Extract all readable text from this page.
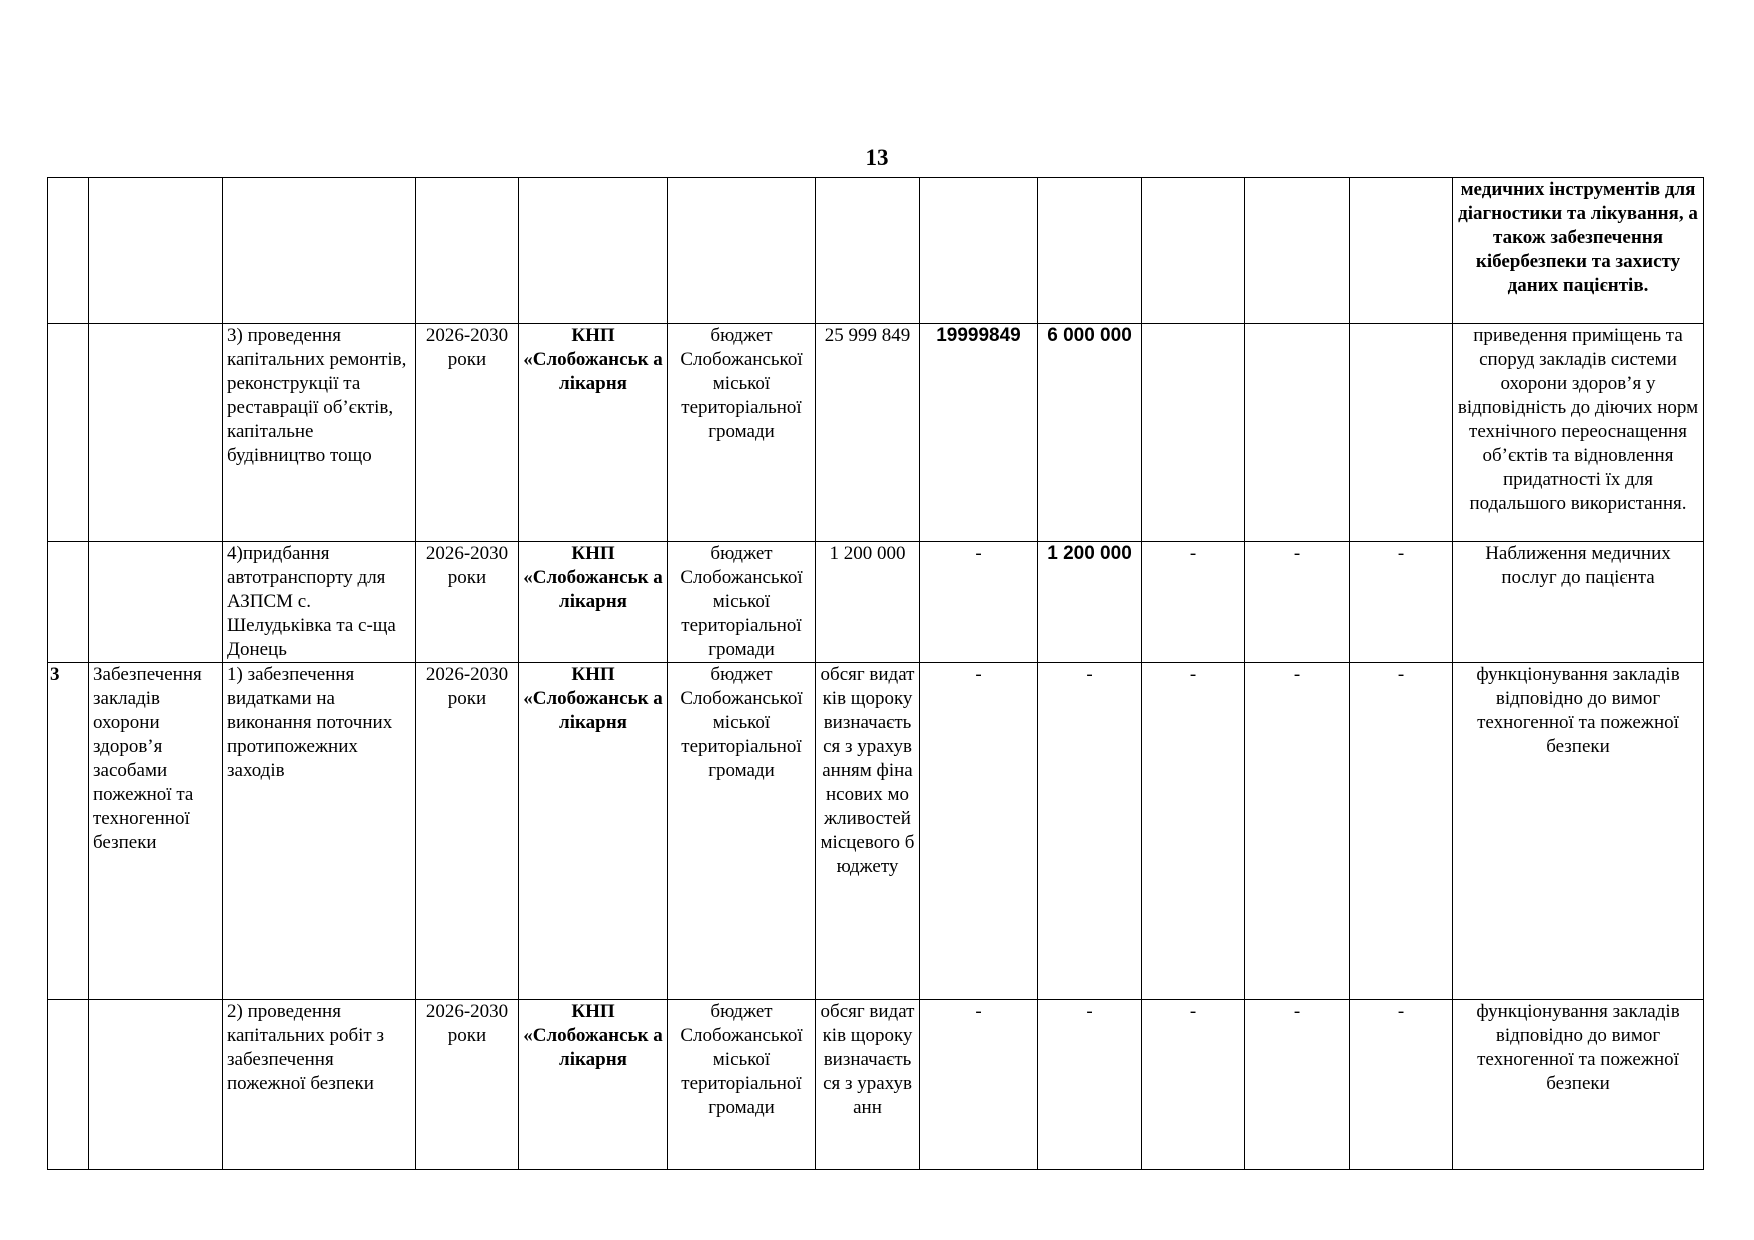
13
												медичних інструментів для діагностики та лікування, а також забезпечення кібербезпеки та захисту даних пацієнтів.
		3) проведення капітальних ремонтів, реконструкції та реставрації об’єктів, капітальне будівництво тощо	2026-2030 роки	КНП «Слобожанськ а лікарня	бюджет Слобожанської міської територіальної громади	25 999 849	19999849	6 000 000				приведення приміщень та споруд закладів системи охорони здоров’я у відповідність до діючих норм технічного переоснащення об’єктів та відновлення придатності їх для подальшого використання.
		4)придбання автотранспорту для АЗПСМ с. Шелудьківка та с-ща Донець	2026-2030 роки	КНП «Слобожанськ а лікарня	бюджет Слобожанської міської територіальної громади	1 200 000	-	1 200 000	-	-	-	Наближення медичних послуг до пацієнта
3	Забезпечення закладів охорони здоров’я засобами пожежної та техногенної безпеки	1) забезпечення видатками на виконання поточних протипожежних заходів	2026-2030 роки	КНП «Слобожанськ а лікарня	бюджет Слобожанської міської територіальної громади	обсяг видатків щороку визначається з урахуванням фінансових можливостей місцевого бюджету	-	-	-	-	-	функціонування закладів відповідно до вимог техногенної та пожежної безпеки
		2) проведення капітальних робіт з забезпечення пожежної безпеки	2026-2030 роки	КНП «Слобожанськ а лікарня	бюджет Слобожанської міської територіальної громади	обсяг видатків щороку визначається з урахуванн	-	-	-	-	-	функціонування закладів відповідно до вимог техногенної та пожежної безпеки
